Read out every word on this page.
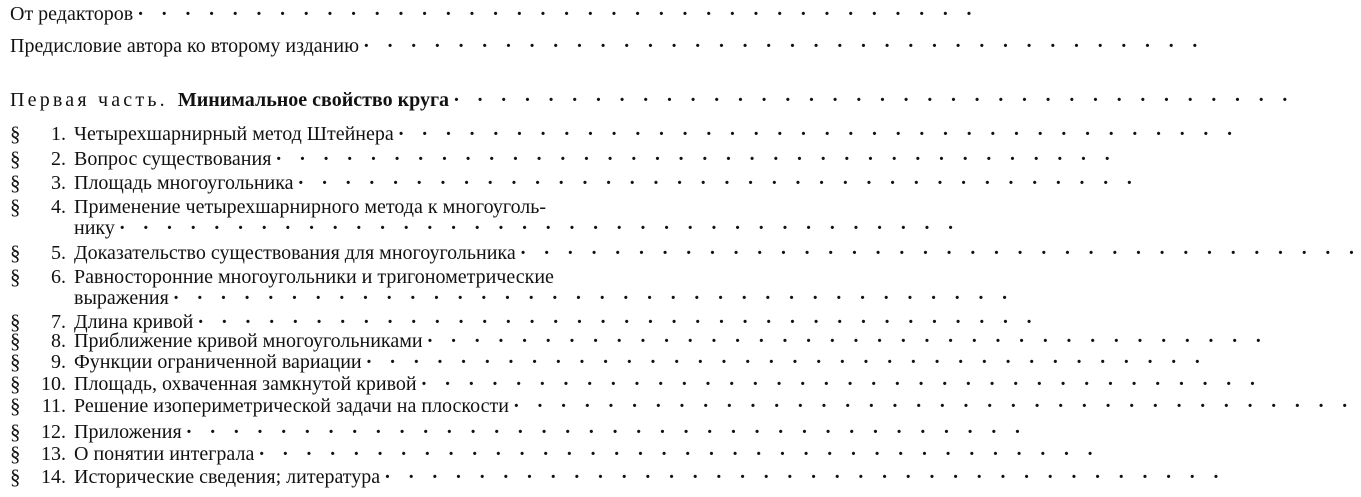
От редакторов · · · · · · · · · · · · · · · · · · · · · · · · · · · · · · · · · · · ·
Предисловие автора ко второму изданию · · · · · · · · · · · · · · · · · · · · · · · · · · · · · · · · · · · ·
Первая часть. Минимальное свойство круга · · · · · · · · · · · · · · · · · · · · · · · · · · · · · · · · · · · ·
§	1. Четырехшарнирный метод Штейнера · · · · · · · · · · · · · · · · · · · · · · · · · · · · · · · · · · · ·
§	2. Вопрос существования · · · · · · · · · · · · · · · · · · · · · · · · · · · · · · · · · · · ·
§	3. Площадь многоугольника · · · · · · · · · · · · · · · · · · · · · · · · · · · · · · · · · · · ·
§	4. Применение четырехшарнирного метода к многоуголь-
нику · · · · · · · · · · · · · · · · · · · · · · · · · · · · · · · · · · · ·
§	5. Доказательство существования для многоугольника · · · · · · · · · · · · · · · · · · · · · · · · · · · · · · · · · · · ·
§	6. Равносторонние многоугольники и тригонометрические
выражения · · · · · · · · · · · · · · · · · · · · · · · · · · · · · · · · · · · ·
§	7. Длина кривой · · · · · · · · · · · · · · · · · · · · · · · · · · · · · · · · · · · ·
§	8. Приближение кривой многоугольниками · · · · · · · · · · · · · · · · · · · · · · · · · · · · · · · · · · · ·
§	9. Функции ограниченной вариации · · · · · · · · · · · · · · · · · · · · · · · · · · · · · · · · · · · ·
§	10. Площадь, охваченная замкнутой кривой · · · · · · · · · · · · · · · · · · · · · · · · · · · · · · · · · · · ·
§	11. Решение изопериметрической задачи на плоскости · · · · · · · · · · · · · · · · · · · · · · · · · · · · · · · · · · · ·
§	12. Приложения · · · · · · · · · · · · · · · · · · · · · · · · · · · · · · · · · · · ·
§	13. О понятии интеграла · · · · · · · · · · · · · · · · · · · · · · · · · · · · · · · · · · · ·
§	14. Исторические сведения; литература · · · · · · · · · · · · · · · · · · · · · · · · · · · · · · · · · · · ·
